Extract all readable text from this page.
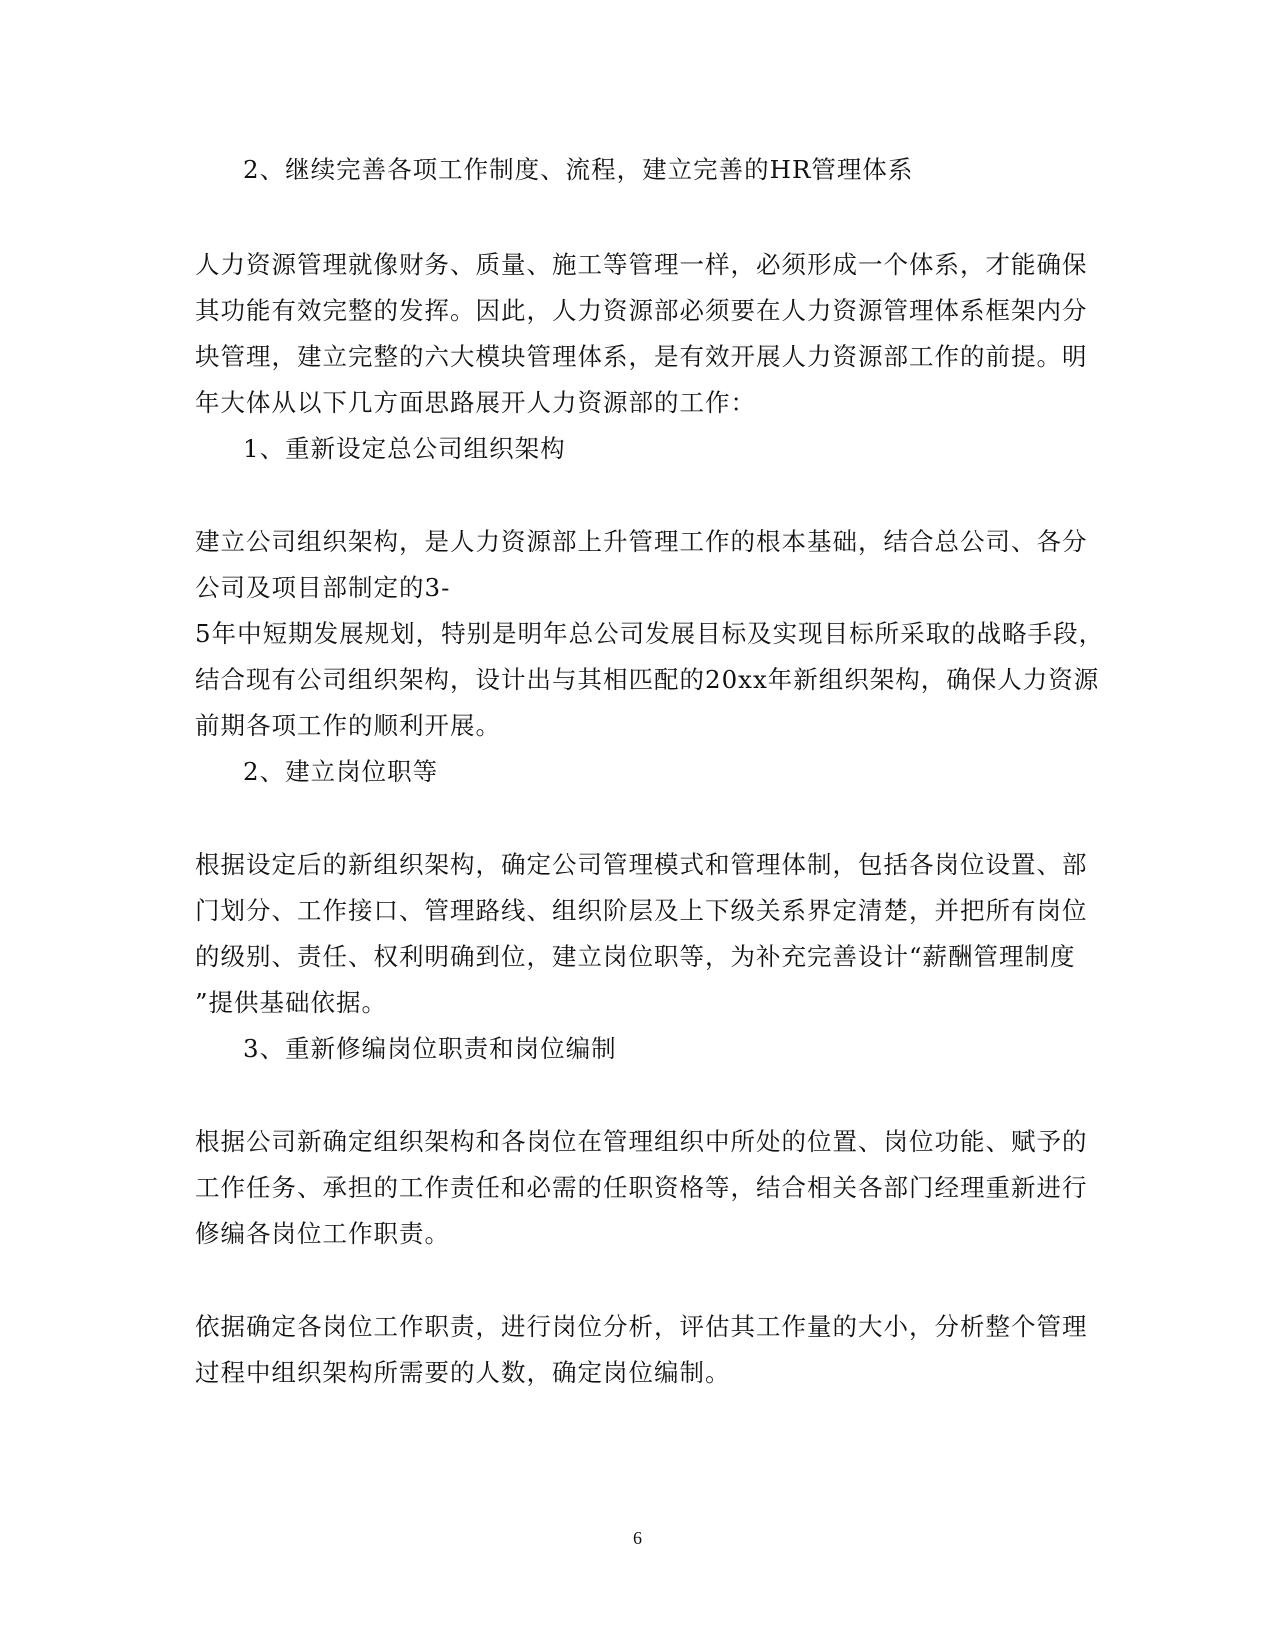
2、继续完善各项工作制度、流程，建立完善的HR管理体系
人力资源管理就像财务、质量、施工等管理一样，必须形成一个体系，才能确保
其功能有效完整的发挥。因此，人力资源部必须要在人力资源管理体系框架内分
块管理，建立完整的六大模块管理体系，是有效开展人力资源部工作的前提。明
年大体从以下几方面思路展开人力资源部的工作：
1、重新设定总公司组织架构
建立公司组织架构，是人力资源部上升管理工作的根本基础，结合总公司、各分
公司及项目部制定的3-
5年中短期发展规划，特别是明年总公司发展目标及实现目标所采取的战略手段，
结合现有公司组织架构，设计出与其相匹配的20xx年新组织架构，确保人力资源
前期各项工作的顺利开展。
2、建立岗位职等
根据设定后的新组织架构，确定公司管理模式和管理体制，包括各岗位设置、部
门划分、工作接口、管理路线、组织阶层及上下级关系界定清楚，并把所有岗位
的级别、责任、权利明确到位，建立岗位职等，为补充完善设计“薪酬管理制度
”提供基础依据。
3、重新修编岗位职责和岗位编制
根据公司新确定组织架构和各岗位在管理组织中所处的位置、岗位功能、赋予的
工作任务、承担的工作责任和必需的任职资格等，结合相关各部门经理重新进行
修编各岗位工作职责。
依据确定各岗位工作职责，进行岗位分析，评估其工作量的大小，分析整个管理
过程中组织架构所需要的人数，确定岗位编制。
6
